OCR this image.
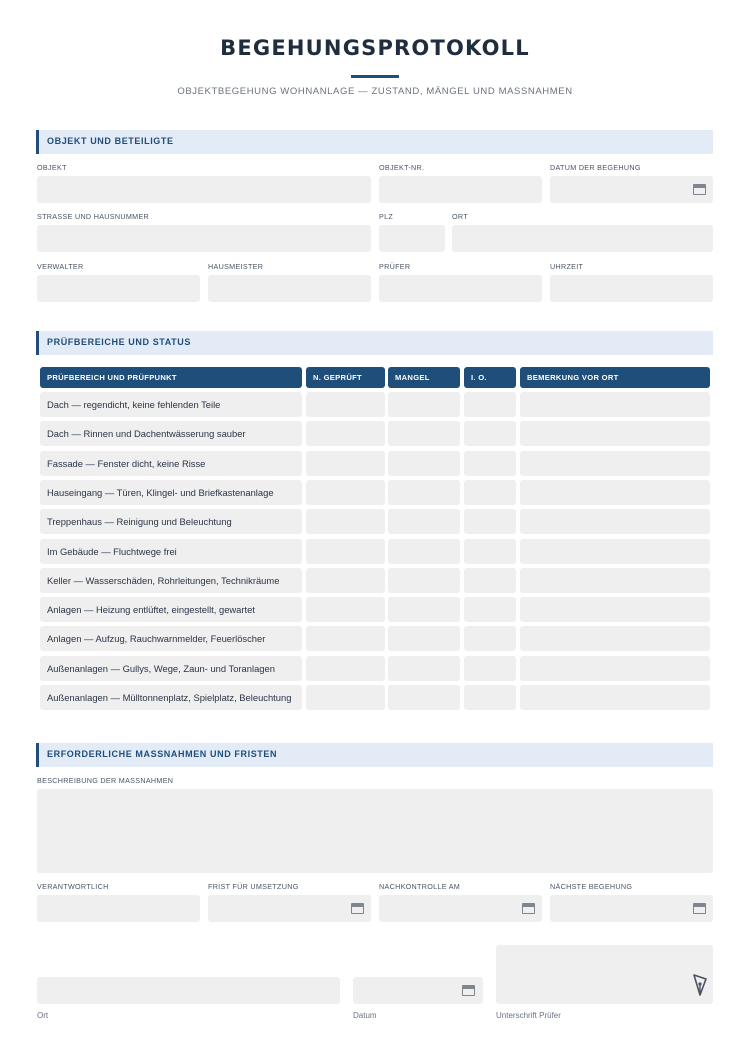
BEGEHUNGSPROTOKOLL
OBJEKTBEGEHUNG WOHNANLAGE — ZUSTAND, MÄNGEL UND MASSNAHMEN
OBJEKT UND BETEILIGTE
OBJEKT	OBJEKT-NR.	DATUM DER BEGEHUNG
STRASSE UND HAUSNUMMER	PLZ	ORT
VERWALTER	HAUSMEISTER	PRÜFER	UHRZEIT
PRÜFBEREICHE UND STATUS
PRÜFBEREICH UND PRÜFPUNKT	N. GEPRÜFT	MANGEL	I. O.	BEMERKUNG VOR ORT
Dach — regendicht, keine fehlenden Teile
Dach — Rinnen und Dachentwässerung sauber
Fassade — Fenster dicht, keine Risse
Hauseingang — Türen, Klingel- und Briefkastenanlage
Treppenhaus — Reinigung und Beleuchtung
Im Gebäude — Fluchtwege frei
Keller — Wasserschäden, Rohrleitungen, Technikräume
Anlagen — Heizung entlüftet, eingestellt, gewartet
Anlagen — Aufzug, Rauchwarnmelder, Feuerlöscher
Außenanlagen — Gullys, Wege, Zaun- und Toranlagen
Außenanlagen — Mülltonnenplatz, Spielplatz, Beleuchtung
ERFORDERLICHE MASSNAHMEN UND FRISTEN
BESCHREIBUNG DER MASSNAHMEN
VERANTWORTLICH	FRIST FÜR UMSETZUNG	NACHKONTROLLE AM	NÄCHSTE BEGEHUNG
Ort	Datum	Unterschrift Prüfer
